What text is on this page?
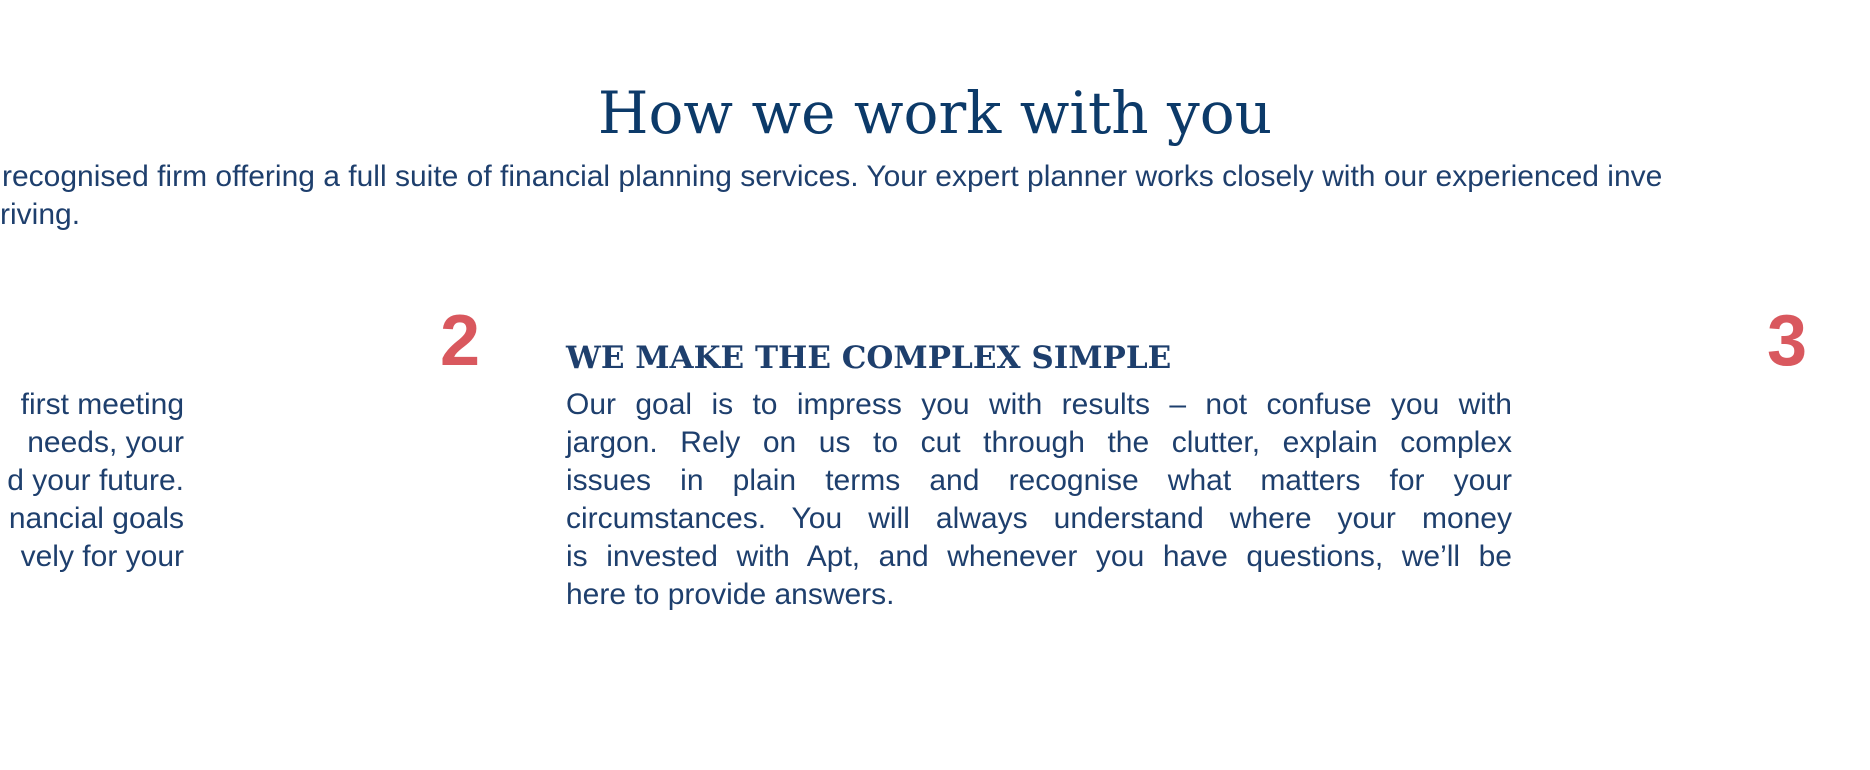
How we work with you

recognised firm offering a full suite of financial planning services. Your expert planner works closely with our experienced inve

riving.

first meeting
needs, your
d your future.
nancial goals
vely for your
2	WE MAKE THE COMPLEX SIMPLE
Our goal is to impress you with results – not confuse you with
jargon. Rely on us to cut through the clutter, explain complex
issues in plain terms and recognise what matters for your
circumstances. You will always understand where your money
is invested with Apt, and whenever you have questions, we’ll be
here to provide answers.
3
